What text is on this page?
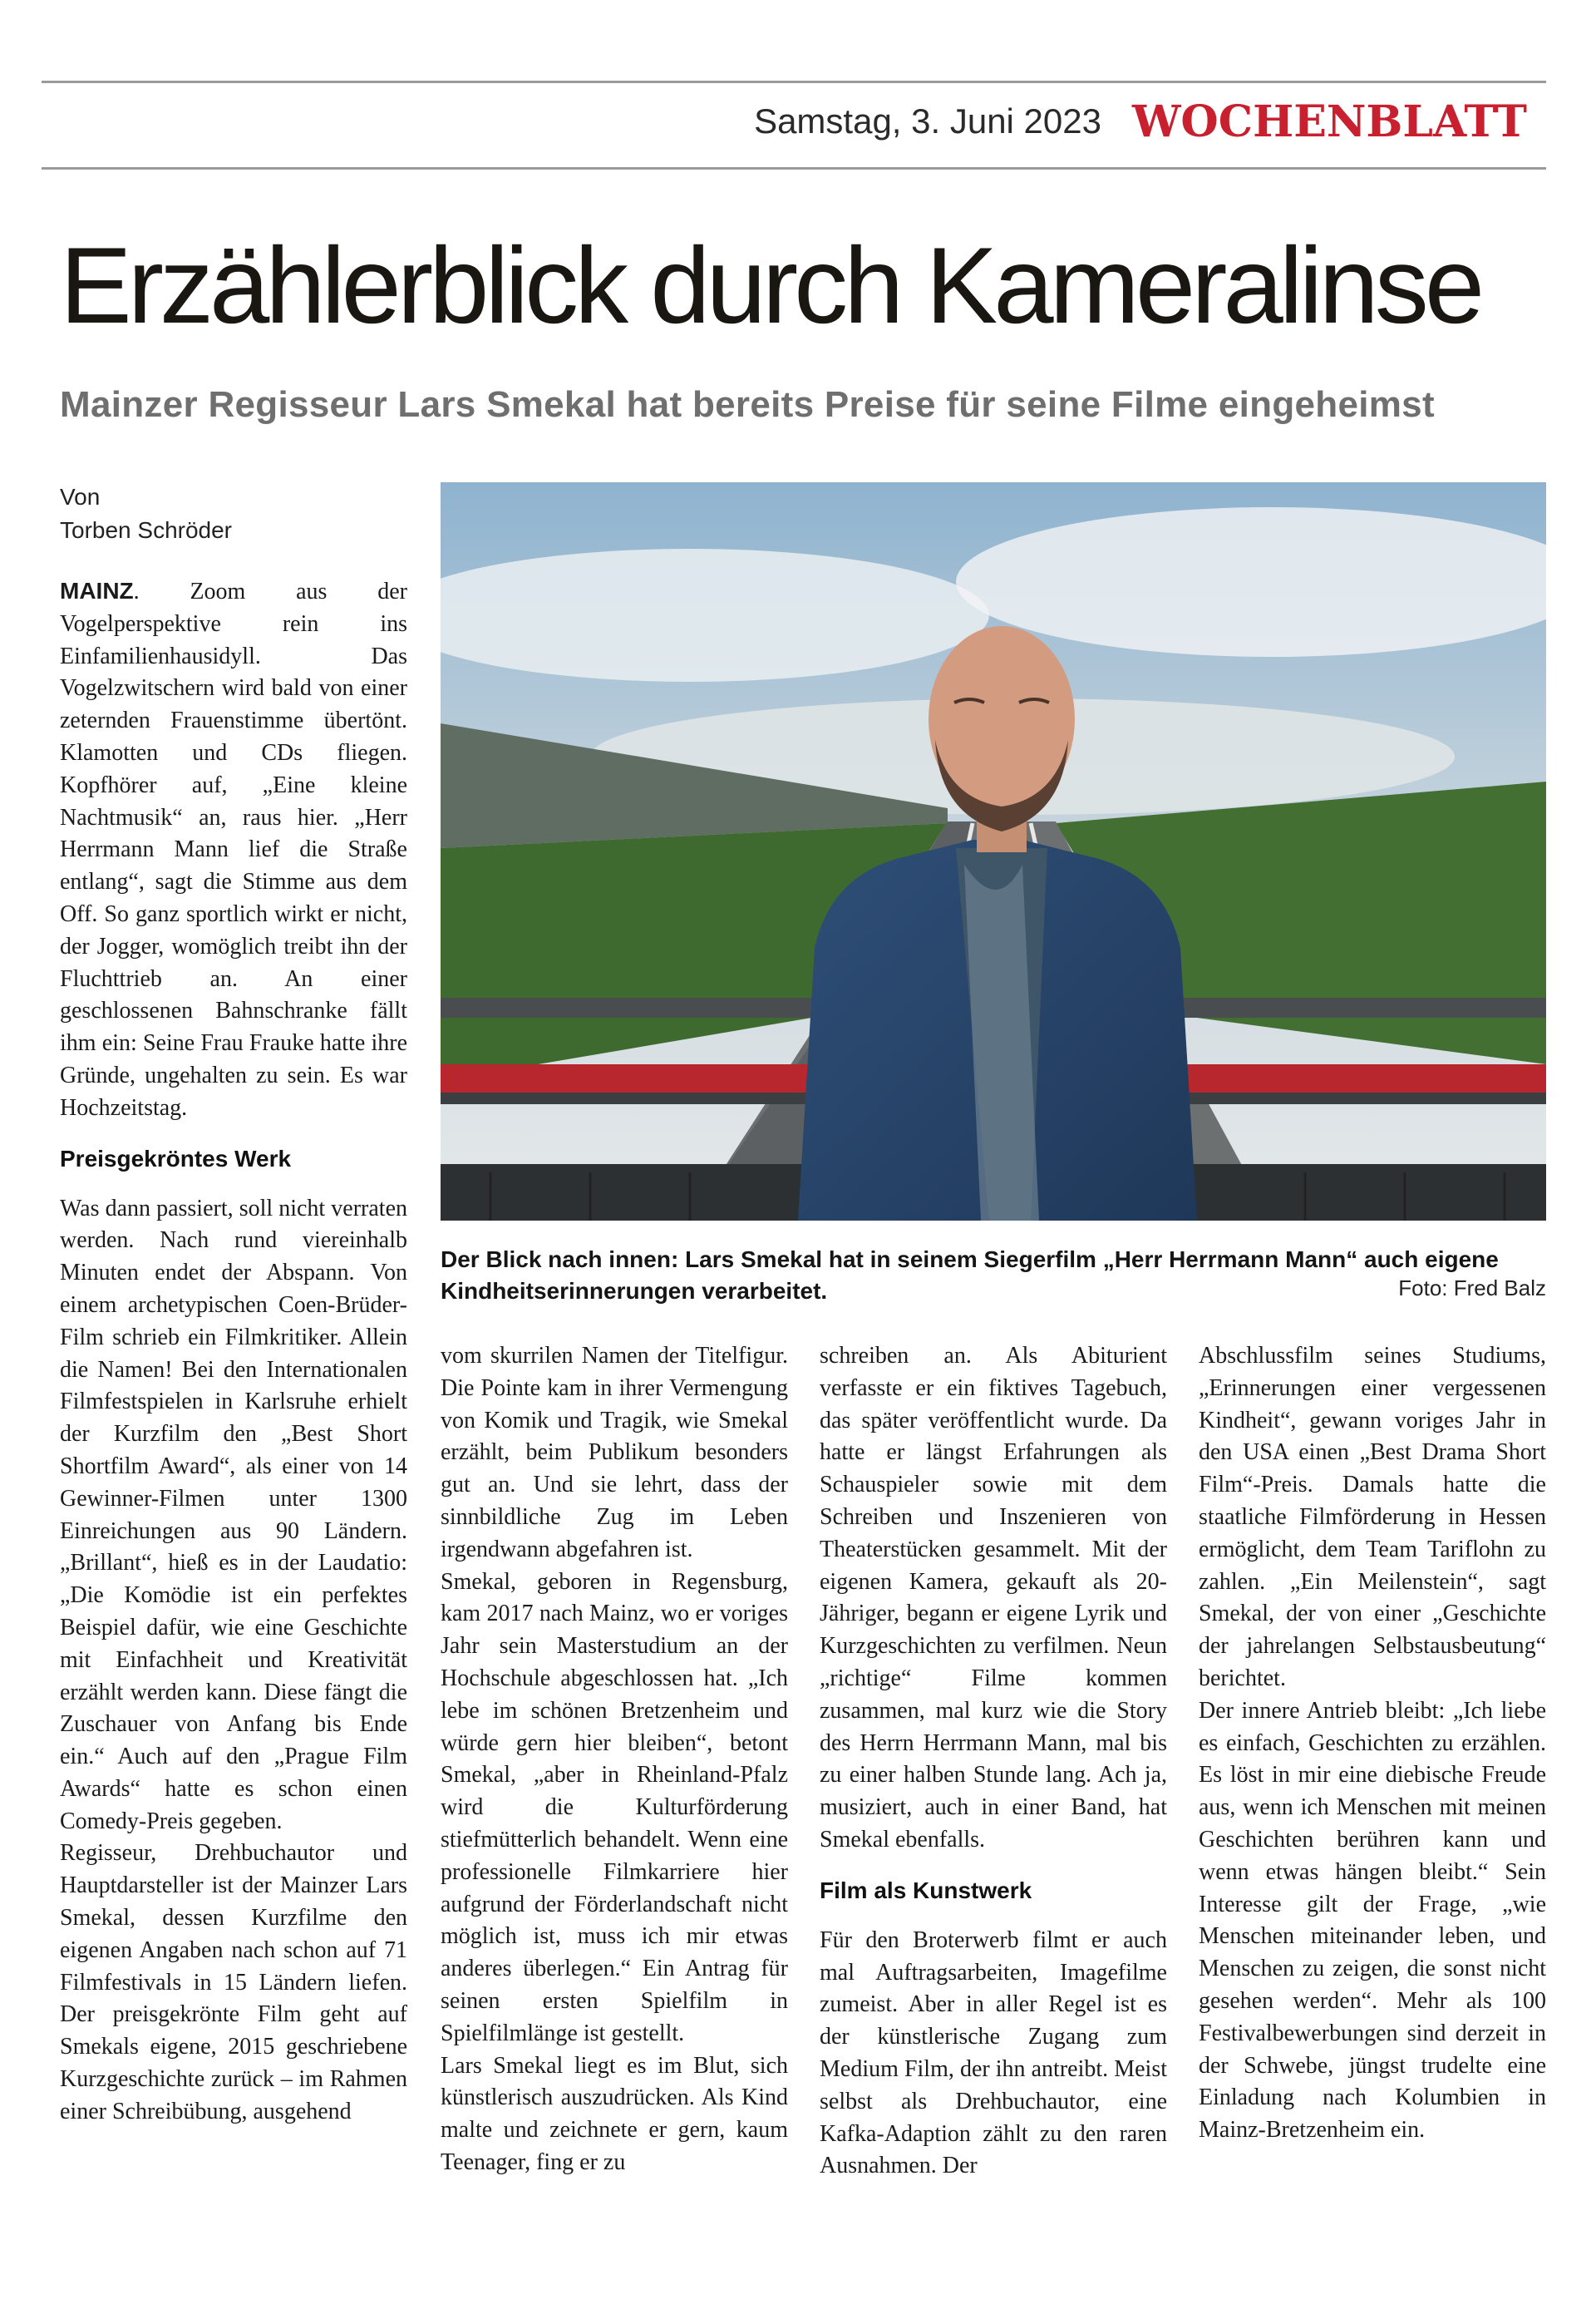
Samstag, 3. Juni 2023 WOCHENBLATT
Erzählerblick durch Kameralinse
Mainzer Regisseur Lars Smekal hat bereits Preise für seine Filme eingeheimst
Von
Torben Schröder

MAINZ. Zoom aus der Vogelperspektive rein ins Einfamilienhausidyll. Das Vogelzwitschern wird bald von einer zeternden Frauenstimme übertönt. Klamotten und CDs fliegen. Kopfhörer auf, „Eine kleine Nachtmusik“ an, raus hier. „Herr Herrmann Mann lief die Straße entlang“, sagt die Stimme aus dem Off. So ganz sportlich wirkt er nicht, der Jogger, womöglich treibt ihn der Fluchttrieb an. An einer geschlossenen Bahnschranke fällt ihm ein: Seine Frau Frauke hatte ihre Gründe, ungehalten zu sein. Es war Hochzeitstag.

Preisgekröntes Werk

Was dann passiert, soll nicht verraten werden. Nach rund viereinhalb Minuten endet der Abspann. Von einem archetypischen Coen-Brüder-Film schrieb ein Filmkritiker. Allein die Namen! Bei den Internationalen Filmfestspielen in Karlsruhe erhielt der Kurzfilm den „Best Short Shortfilm Award“, als einer von 14 Gewinner-Filmen unter 1300 Einreichungen aus 90 Ländern. „Brillant“, hieß es in der Laudatio: „Die Komödie ist ein perfektes Beispiel dafür, wie eine Geschichte mit Einfachheit und Kreativität erzählt werden kann. Diese fängt die Zuschauer von Anfang bis Ende ein.“ Auch auf den „Prague Film Awards“ hatte es schon einen Comedy-Preis gegeben.

Regisseur, Drehbuchautor und Hauptdarsteller ist der Mainzer Lars Smekal, dessen Kurzfilme den eigenen Angaben nach schon auf 71 Filmfestivals in 15 Ländern liefen. Der preisgekrönte Film geht auf Smekals eigene, 2015 geschriebene Kurzgeschichte zurück – im Rahmen einer Schreibübung, ausgehend

Der Blick nach innen: Lars Smekal hat in seinem Siegerfilm „Herr Herrmann Mann“ auch eigene Kindheitserinnerungen verarbeitet.	Foto: Fred Balz

vom skurrilen Namen der Titelfigur. Die Pointe kam in ihrer Vermengung von Komik und Tragik, wie Smekal erzählt, beim Publikum besonders gut an. Und sie lehrt, dass der sinnbildliche Zug im Leben irgendwann abgefahren ist.

Smekal, geboren in Regensburg, kam 2017 nach Mainz, wo er voriges Jahr sein Masterstudium an der Hochschule abgeschlossen hat. „Ich lebe im schönen Bretzenheim und würde gern hier bleiben“, betont Smekal, „aber in Rheinland-Pfalz wird die Kulturförderung stiefmütterlich behandelt. Wenn eine professionelle Filmkarriere hier aufgrund der Förderlandschaft nicht möglich ist, muss ich mir etwas anderes überlegen.“ Ein Antrag für seinen ersten Spielfilm in Spielfilmlänge ist gestellt.

Lars Smekal liegt es im Blut, sich künstlerisch auszudrücken. Als Kind malte und zeichnete er gern, kaum Teenager, fing er zu

schreiben an. Als Abiturient verfasste er ein fiktives Tagebuch, das später veröffentlicht wurde. Da hatte er längst Erfahrungen als Schauspieler sowie mit dem Schreiben und Inszenieren von Theaterstücken gesammelt. Mit der eigenen Kamera, gekauft als 20-Jähriger, begann er eigene Lyrik und Kurzgeschichten zu verfilmen. Neun „richtige“ Filme kommen zusammen, mal kurz wie die Story des Herrn Herrmann Mann, mal bis zu einer halben Stunde lang. Ach ja, musiziert, auch in einer Band, hat Smekal ebenfalls.

Film als Kunstwerk

Für den Broterwerb filmt er auch mal Auftragsarbeiten, Imagefilme zumeist. Aber in aller Regel ist es der künstlerische Zugang zum Medium Film, der ihn antreibt. Meist selbst als Drehbuchautor, eine Kafka-Adaption zählt zu den raren Ausnahmen. Der

Abschlussfilm seines Studiums, „Erinnerungen einer vergessenen Kindheit“, gewann voriges Jahr in den USA einen „Best Drama Short Film“-Preis. Damals hatte die staatliche Filmförderung in Hessen ermöglicht, dem Team Tariflohn zu zahlen. „Ein Meilenstein“, sagt Smekal, der von einer „Geschichte der jahrelangen Selbstausbeutung“ berichtet.

Der innere Antrieb bleibt: „Ich liebe es einfach, Geschichten zu erzählen. Es löst in mir eine diebische Freude aus, wenn ich Menschen mit meinen Geschichten berühren kann und wenn etwas hängen bleibt.“ Sein Interesse gilt der Frage, „wie Menschen miteinander leben, und Menschen zu zeigen, die sonst nicht gesehen werden“. Mehr als 100 Festivalbewerbungen sind derzeit in der Schwebe, jüngst trudelte eine Einladung nach Kolumbien in Mainz-Bretzenheim ein.
